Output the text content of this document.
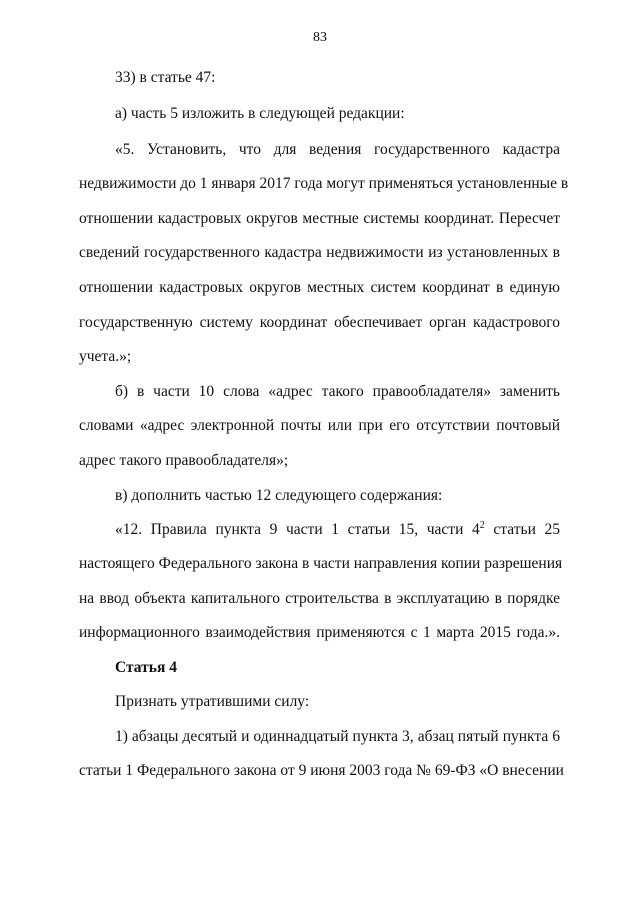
83
33) в статье 47:
а) часть 5 изложить в следующей редакции:
«5. Установить, что для ведения государственного кадастра
недвижимости до 1 января 2017 года могут применяться установленные в
отношении кадастровых округов местные системы координат. Пересчет
сведений государственного кадастра недвижимости из установленных в
отношении кадастровых округов местных систем координат в единую
государственную систему координат обеспечивает орган кадастрового
учета.»;
б) в части 10 слова «адрес такого правообладателя» заменить
словами «адрес электронной почты или при его отсутствии почтовый
адрес такого правообладателя»;
в) дополнить частью 12 следующего содержания:
«12. Правила пункта 9 части 1 статьи 15, части $4^2$ статьи 25
настоящего Федерального закона в части направления копии разрешения
на ввод объекта капитального строительства в эксплуатацию в порядке
информационного взаимодействия применяются с 1 марта 2015 года.».
Статья 4
Признать утратившими силу:
1) абзацы десятый и одиннадцатый пункта 3, абзац пятый пункта 6
статьи 1 Федерального закона от 9 июня 2003 года № 69-ФЗ «О внесении
